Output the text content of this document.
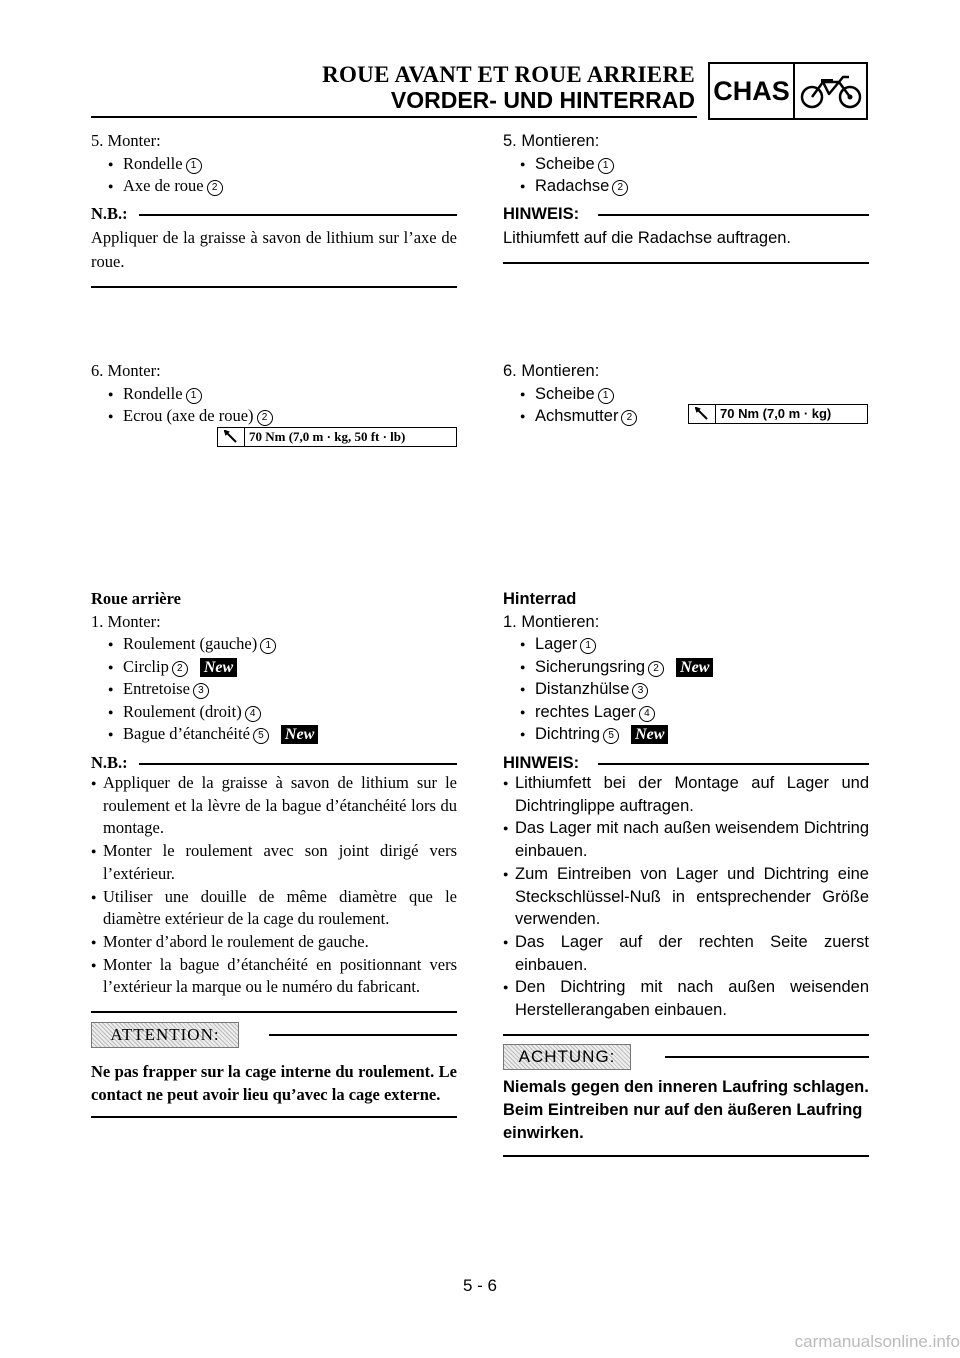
ROUE AVANT ET ROUE ARRIERE
VORDER- UND HINTERRAD CHAS
5. Monter:
● Rondelle 1
● Axe de roue 2
N.B.:
Appliquer de la graisse à savon de lithium sur l’axe de roue.
6. Monter:
● Rondelle 1
● Ecrou (axe de roue) 2
70 Nm (7,0 m · kg, 50 ft · lb)
Roue arrière
1. Monter:
● Roulement (gauche) 1
● Circlip 2 New
● Entretoise 3
● Roulement (droit) 4
● Bague d’étanchéité 5 New
N.B.:
● Appliquer de la graisse à savon de lithium sur le roulement et la lèvre de la bague d’étanchéité lors du montage.
● Monter le roulement avec son joint dirigé vers l’extérieur.
● Utiliser une douille de même diamètre que le diamètre extérieur de la cage du roulement.
● Monter d’abord le roulement de gauche.
● Monter la bague d’étanchéité en positionnant vers l’extérieur la marque ou le numéro du fabricant.
ATTENTION:
Ne pas frapper sur la cage interne du roulement. Le contact ne peut avoir lieu qu’avec la cage externe.
5. Montieren:
● Scheibe 1
● Radachse 2
HINWEIS:
Lithiumfett auf die Radachse auftragen.
6. Montieren:
● Scheibe 1
● Achsmutter 2	70 Nm (7,0 m · kg)
Hinterrad
1. Montieren:
● Lager 1
● Sicherungsring 2 New
● Distanzhülse 3
● rechtes Lager 4
● Dichtring 5 New
HINWEIS:
● Lithiumfett bei der Montage auf Lager und Dichtringlippe auftragen.
● Das Lager mit nach außen weisendem Dichtring einbauen.
● Zum Eintreiben von Lager und Dichtring eine Steckschlüssel-Nuß in entsprechender Größe verwenden.
● Das Lager auf der rechten Seite zuerst einbauen.
● Den Dichtring mit nach außen weisenden Herstellerangaben einbauen.
ACHTUNG:
Niemals gegen den inneren Laufring schlagen. Beim Eintreiben nur auf den äußeren Laufring einwirken.
5 - 6
carmanualsonline.info
